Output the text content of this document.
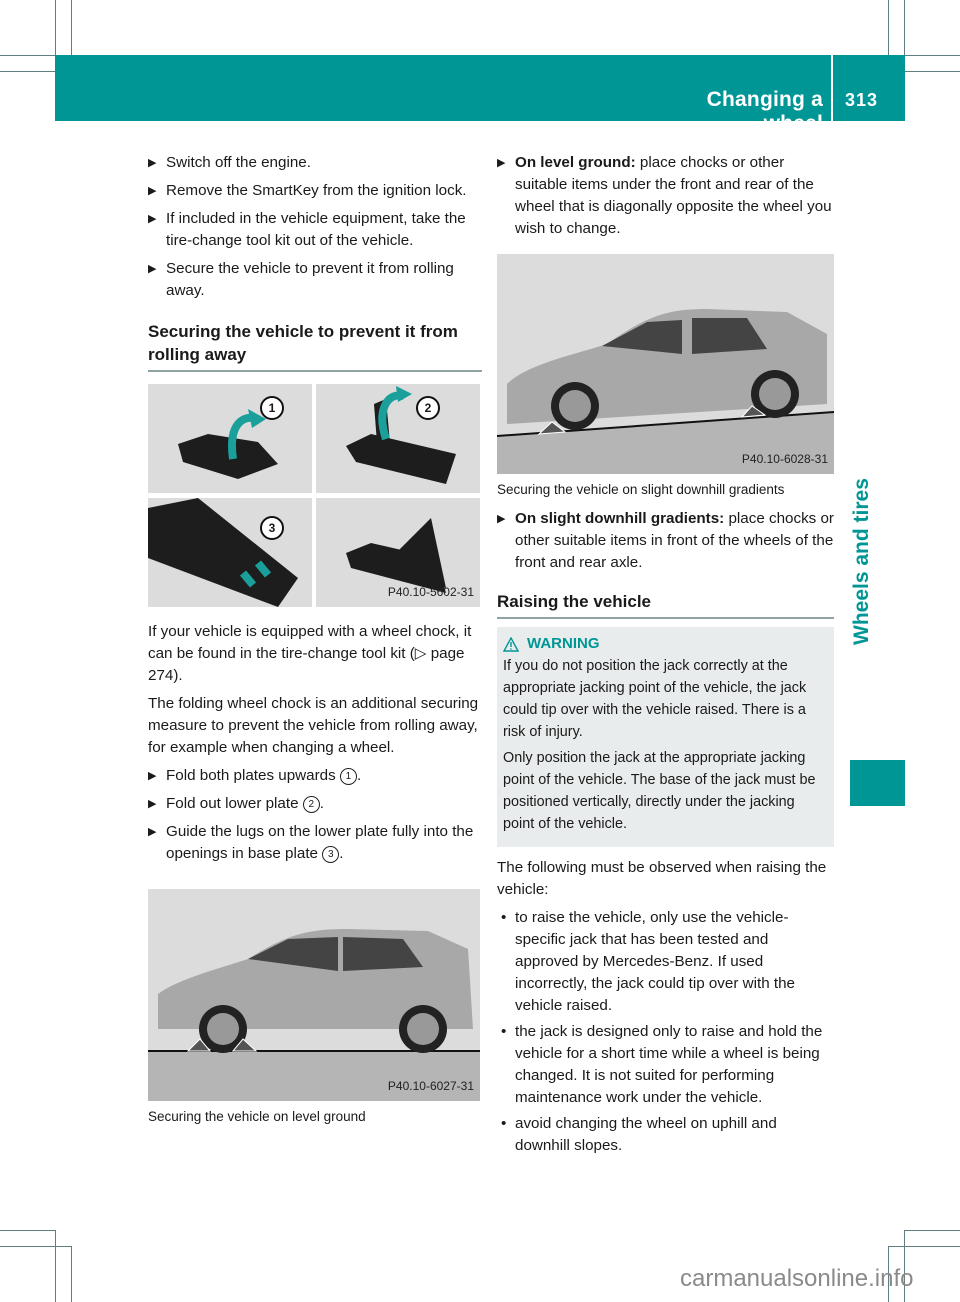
Changing a wheel
313
▶ Switch off the engine.
▶ Remove the SmartKey from the ignition lock.
▶ If included in the vehicle equipment, take the tire-change tool kit out of the vehicle.
▶ Secure the vehicle to prevent it from rolling away.
Securing the vehicle to prevent it from rolling away
1	2
3
P40.10-5602-31

If your vehicle is equipped with a wheel chock, it can be found in the tire-change tool kit (▷ page 274).

The folding wheel chock is an additional securing measure to prevent the vehicle from rolling away, for example when changing a wheel.

▶ Fold both plates upwards 1 .
▶ Fold out lower plate 2 .
▶ Guide the lugs on the lower plate fully into the openings in base plate 3 .
P40.10-6027-31
Securing the vehicle on level ground
▶ On level ground: place chocks or other suitable items under the front and rear of the wheel that is diagonally opposite the wheel you wish to change.
P40.10-6028-31
Securing the vehicle on slight downhill gradients
▶ On slight downhill gradients: place chocks or other suitable items in front of the wheels of the front and rear axle.
Raising the vehicle
WARNING

If you do not position the jack correctly at the appropriate jacking point of the vehicle, the jack could tip over with the vehicle raised. There is a risk of injury.

Only position the jack at the appropriate jacking point of the vehicle. The base of the jack must be positioned vertically, directly under the jacking point of the vehicle.

The following must be observed when raising the vehicle:

• to raise the vehicle, only use the vehicle-specific jack that has been tested and approved by Mercedes-Benz. If used incorrectly, the jack could tip over with the vehicle raised.
• the jack is designed only to raise and hold the vehicle for a short time while a wheel is being changed. It is not suited for performing maintenance work under the vehicle.
• avoid changing the wheel on uphill and downhill slopes.
Wheels and tires
carmanualsonline.info
